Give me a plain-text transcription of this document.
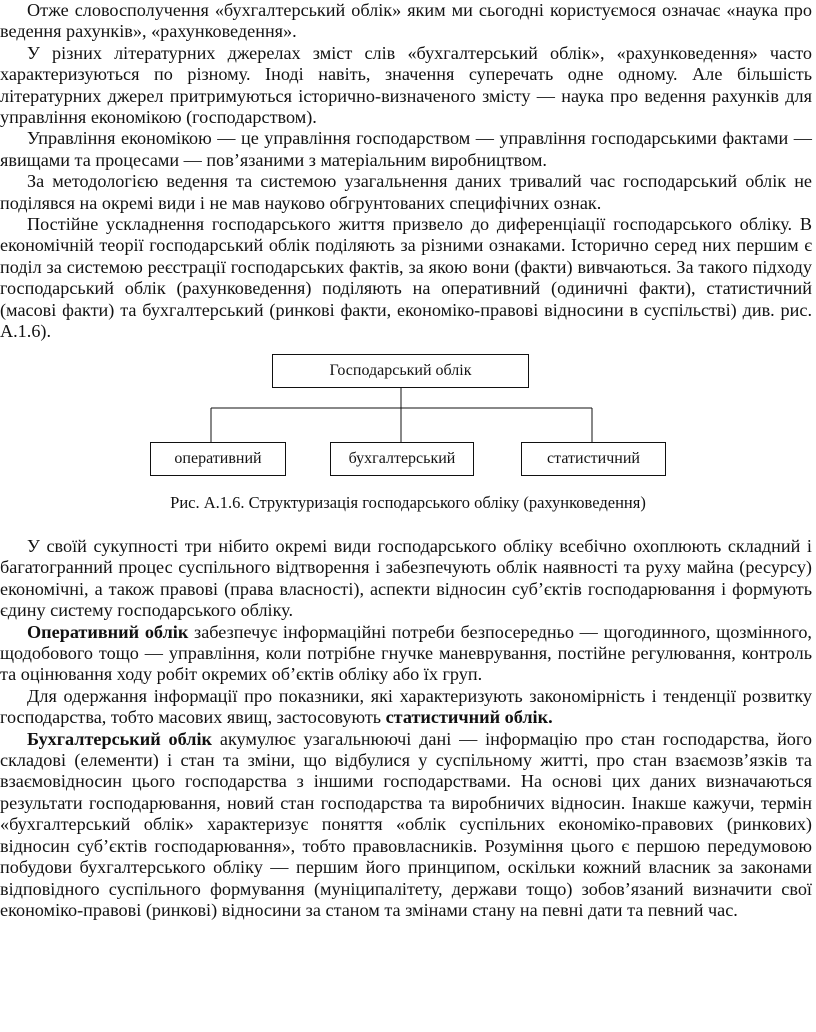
Отже словосполучення «бухгалтерський облік» яким ми сьогодні користуємося означає «наука про ведення рахунків», «рахунковедення».

У різних літературних джерелах зміст слів «бухгалтерський облік», «рахунковедення» часто характеризуються по різному. Іноді навіть, значення суперечать одне одному. Але більшість літературних джерел притримуються історично-визначеного змісту — наука про ведення рахунків для управління економікою (господарством).

Управління економікою — це управління господарством — управління господарськими фактами — явищами та процесами — пов’язаними з матеріальним виробництвом.

За методологією ведення та системою узагальнення даних тривалий час господарський облік не поділявся на окремі види і не мав науково обгрунтованих специфічних ознак.

Постійне ускладнення господарського життя призвело до диференціації господарського обліку. В економічній теорії господарський облік поділяють за різними ознаками. Історично серед них першим є поділ за системою реєстрації господарських фактів, за якою вони (факти) вивчаються. За такого підходу господарський облік (рахунковедення) поділяють на оперативний (одиничні факти), статистичний (масові факти) та бухгалтерський (ринкові факти, економіко-правові відносини в суспільстві) див. рис. А.1.6).

Господарський облік
оперативний	бухгалтерський	статистичний
Рис. А.1.6. Структуризація господарського обліку (рахунковедення)

У своїй сукупності три нібито окремі види господарського обліку всебічно охоплюють складний і багатогранний процес суспільного відтворення і забезпечують облік наявності та руху майна (ресурсу) економічні, а також правові (права власності), аспекти відносин суб’єктів господарювання і формують єдину систему господарського обліку.

Оперативний облік забезпечує інформаційні потреби безпосередньо — щогодинного, щозмінного, щодобового тощо — управління, коли потрібне гнучке маневрування, постійне регулювання, контроль та оцінювання ходу робіт окремих об’єктів обліку або їх груп.

Для одержання інформації про показники, які характеризують закономірність і тенденції розвитку господарства, тобто масових явищ, застосовують статистичний облік.

Бухгалтерський облік акумулює узагальнюючі дані — інформацію про стан господарства, його складові (елементи) і стан та зміни, що відбулися у суспільному житті, про стан взаємозв’язків та взаємовідносин цього господарства з іншими господарствами. На основі цих даних визначаються результати господарювання, новий стан господарства та виробничих відносин. Інакше кажучи, термін «бухгалтерський облік» характеризує поняття «облік суспільних економіко-правових (ринкових) відносин суб’єктів господарювання», тобто правовласників. Розуміння цього є першою передумовою побудови бухгалтерського обліку — першим його принципом, оскільки кожний власник за законами відповідного суспільного формування (муніципалітету, держави тощо) зобов’язаний визначити свої економіко-правові (ринкові) відносини за станом та змінами стану на певні дати та певний час.
